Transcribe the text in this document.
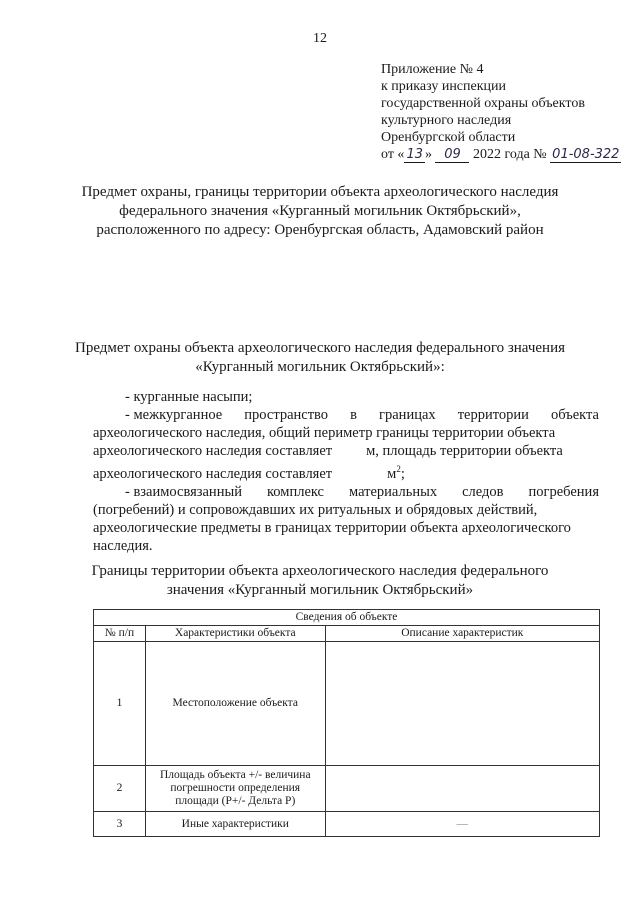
12
Приложение № 4
к приказу инспекции
государственной охраны объектов
культурного наследия
Оренбургской области
от « 13 » 09 2022 года № 01-08-322
Предмет охраны, границы территории объекта археологического наследия
федерального значения «Курганный могильник Октябрьский»,
расположенного по адресу: Оренбургская область, Адамовский район
Предмет охраны объекта археологического наследия федерального значения
«Курганный могильник Октябрьский»:
- курганные насыпи;
- межкурганное пространство в границах территории объекта
археологического наследия, общий периметр границы территории объекта
археологического наследия составляет м, площадь территории объекта
археологического наследия составляет	$м^2$;
- взаимосвязанный комплекс материальных следов погребения
(погребений) и сопровождавших их ритуальных и обрядовых действий,
археологические предметы в границах территории объекта археологического
наследия.
Границы территории объекта археологического наследия федерального
значения «Курганный могильник Октябрьский»
Сведения об объекте		
№ п/п	Характеристики объекта	Описание характеристик
1	Местоположение объекта	
2	Площадь объекта +/- величина погрешности определения площади (Р+/- Дельта Р)	
3	Иные характеристики	—
